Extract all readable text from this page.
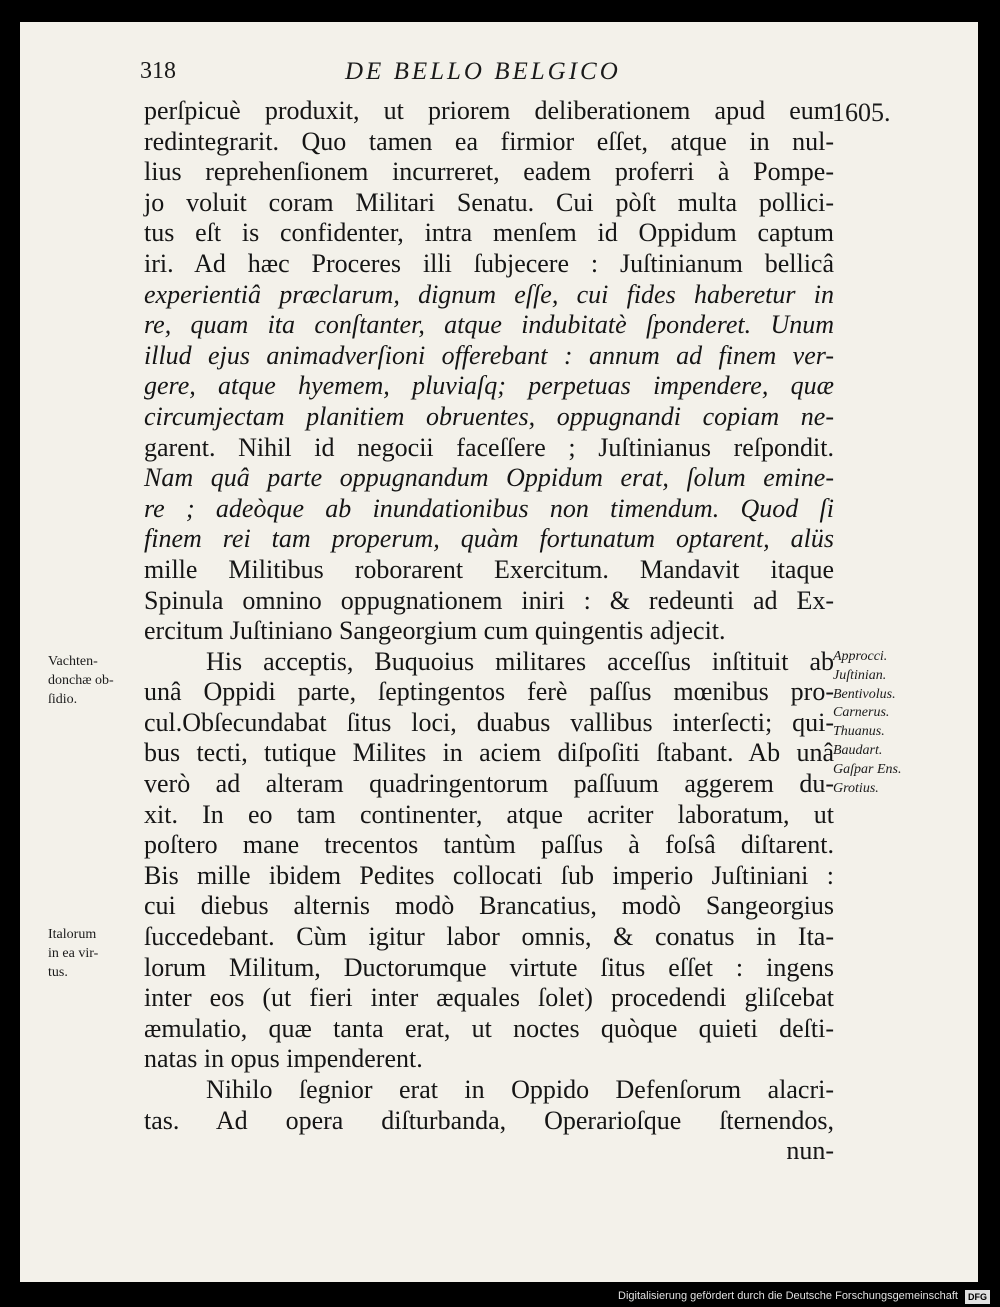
318	DE BELLO BELGICO
1605.
perſpicuè produxit, ut priorem deliberationem apud eum
redintegrarit. Quo tamen ea firmior eſſet, atque in nul-
lius reprehenſionem incurreret, eadem proferri à Pompe-
jo voluit coram Militari Senatu. Cui pòſt multa pollici-
tus eſt is confidenter, intra menſem id Oppidum captum
iri. Ad hæc Proceres illi ſubjecere : Juſtinianum bellicâ
experientiâ præclarum, dignum eſſe, cui fides haberetur in
re, quam ita conſtanter, atque indubitatè ſponderet. Unum
illud ejus animadverſioni offerebant : annum ad finem ver-
gere, atque hyemem, pluviaſq; perpetuas impendere, quæ
circumjectam planitiem obruentes, oppugnandi copiam ne-
garent. Nihil id negocii faceſſere ; Juſtinianus reſpondit.
Nam quâ parte oppugnandum Oppidum erat, ſolum emine-
re ; adeòque ab inundationibus non timendum. Quod ſi
finem rei tam properum, quàm fortunatum optarent, alüs
mille Militibus roborarent Exercitum. Mandavit itaque
Spinula omnino oppugnationem iniri : & redeunti ad Ex-
ercitum Juſtiniano Sangeorgium cum quingentis adjecit.
His acceptis, Buquoius militares acceſſus inſtituit ab
unâ Oppidi parte, ſeptingentos ferè paſſus mœnibus pro-
cul.Obſecundabat ſitus loci, duabus vallibus interſecti; qui-
bus tecti, tutique Milites in aciem diſpoſiti ſtabant. Ab unâ
verò ad alteram quadringentorum paſſuum aggerem du-
xit. In eo tam continenter, atque acriter laboratum, ut
poſtero mane trecentos tantùm paſſus à foſsâ diſtarent.
Bis mille ibidem Pedites collocati ſub imperio Juſtiniani :
cui diebus alternis modò Brancatius, modò Sangeorgius
ſuccedebant. Cùm igitur labor omnis, & conatus in Ita-
lorum Militum, Ductorumque virtute ſitus eſſet : ingens
inter eos (ut fieri inter æquales ſolet) procedendi gliſcebat
æmulatio, quæ tanta erat, ut noctes quòque quieti deſti-
natas in opus impenderent.
Nihilo ſegnior erat in Oppido Defenſorum alacri-
tas. Ad opera diſturbanda, Operarioſque ſternendos,
nun-
Vachten-
donchæ ob-
ſidio.
Italorum
in ea vir-
tus.
Approcci.
Juſtinian.
Bentivolus.
Carnerus.
Thuanus.
Baudart.
Gaſpar Ens.
Grotius.
Digitalisierung gefördert durch die Deutsche Forschungsgemeinschaft	DFG
